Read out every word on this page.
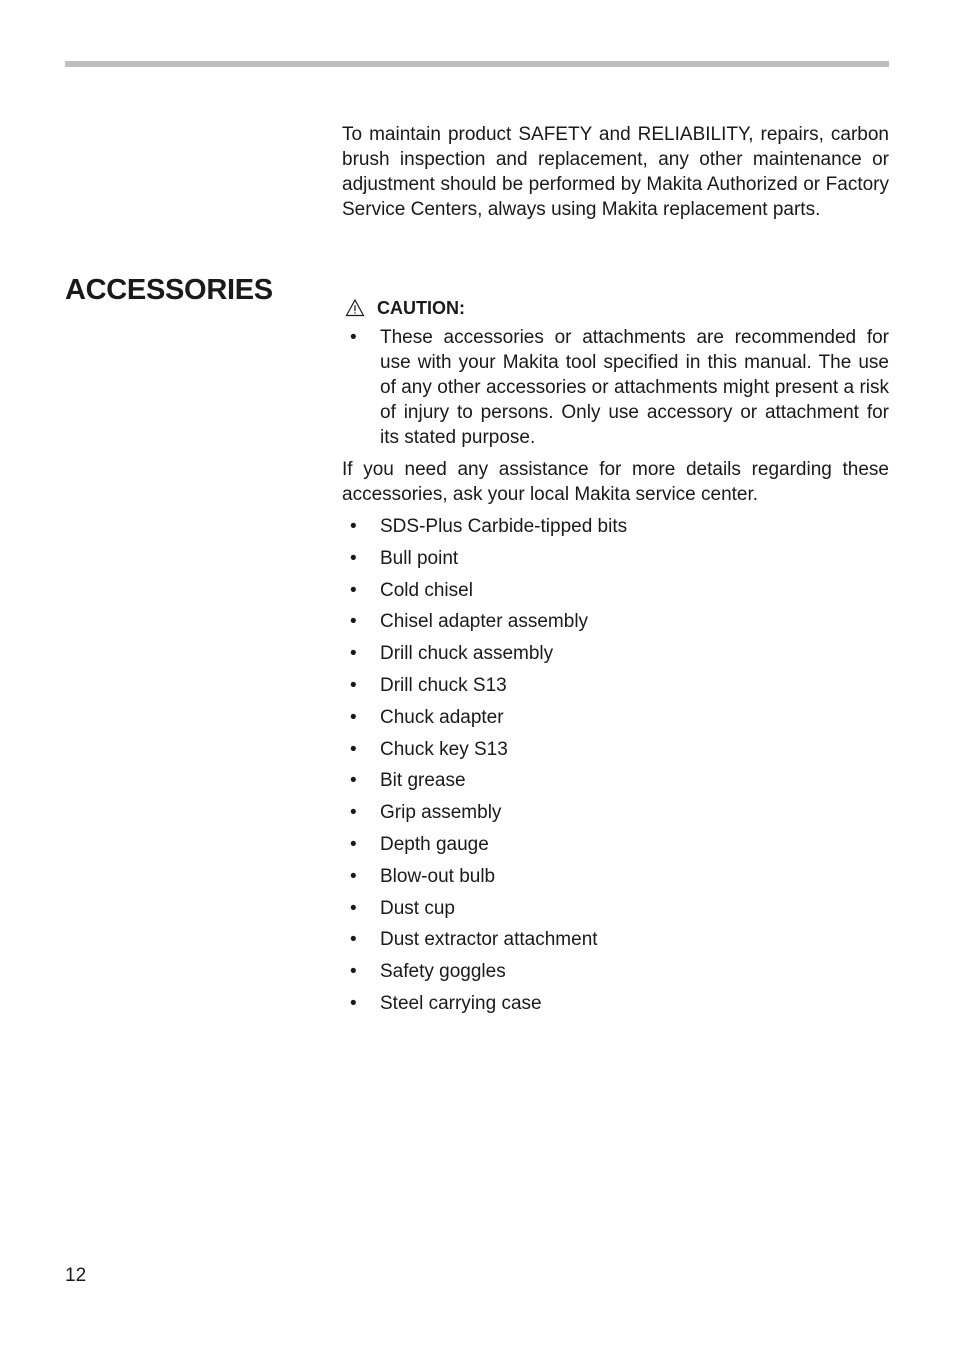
To maintain product SAFETY and RELIABILITY, repairs, carbon brush inspection and replacement, any other maintenance or adjustment should be performed by Makita Authorized or Factory Service Centers, always using Makita replacement parts.

ACCESSORIES
CAUTION:
• These accessories or attachments are recommended for use with your Makita tool specified in this manual. The use of any other accessories or attachments might present a risk of injury to persons. Only use accessory or attachment for its stated purpose.

If you need any assistance for more details regarding these accessories, ask your local Makita service center.

• SDS-Plus Carbide-tipped bits
• Bull point
• Cold chisel
• Chisel adapter assembly
• Drill chuck assembly
• Drill chuck S13
• Chuck adapter
• Chuck key S13
• Bit grease
• Grip assembly
• Depth gauge
• Blow-out bulb
• Dust cup
• Dust extractor attachment
• Safety goggles
• Steel carrying case
12
